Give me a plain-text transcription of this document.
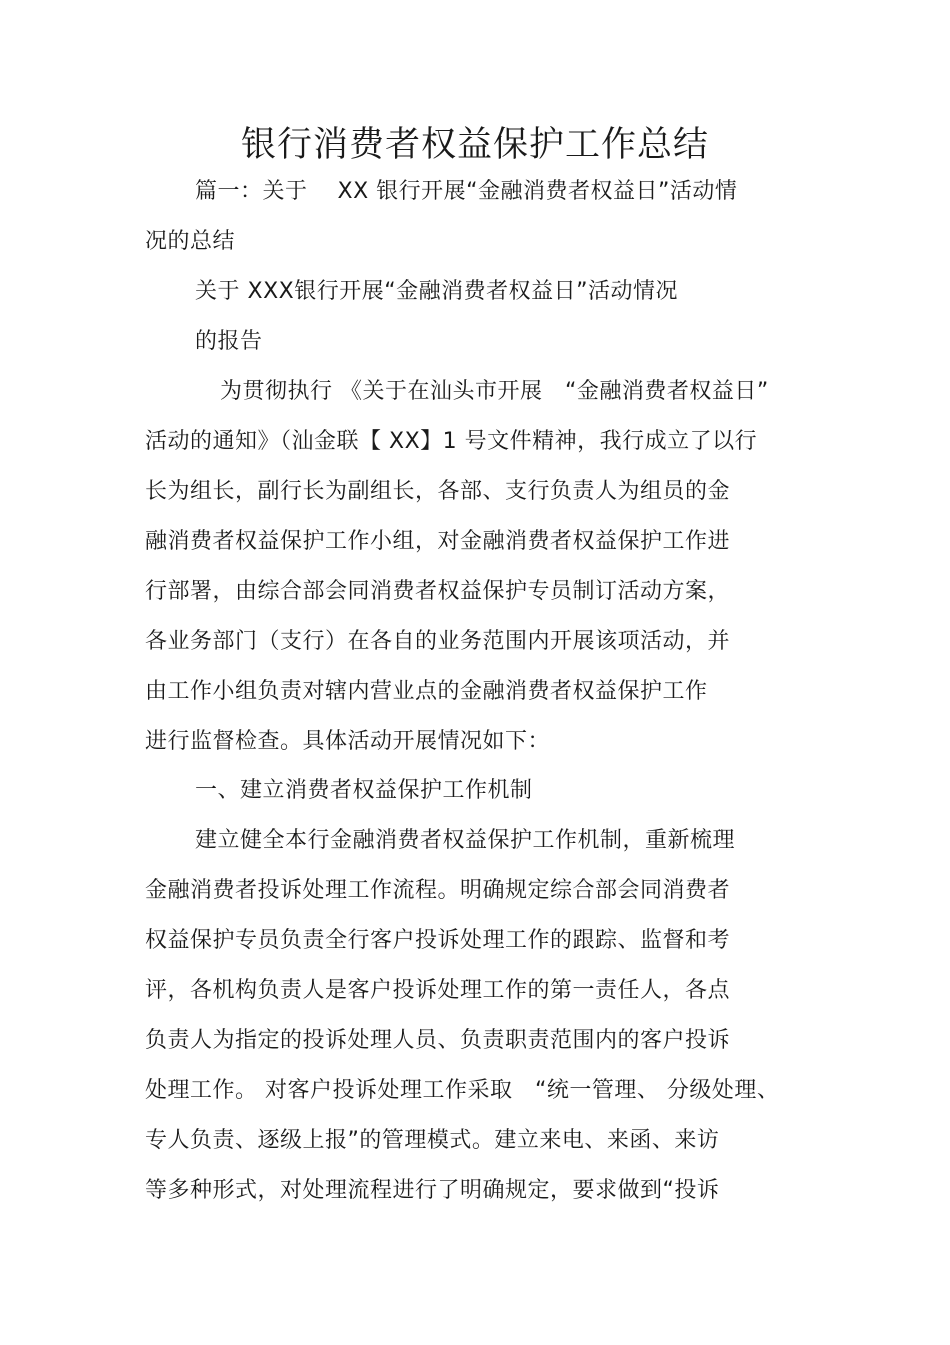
银行消费者权益保护工作总结
篇一：关于　 XX 银行开展“金融消费者权益日”活动情
况的总结
关于 XXX银行开展“金融消费者权益日”活动情况
的报告
为贯彻执行 《关于在汕头市开展　“金融消费者权益日”
活动的通知》（汕金联【 XX】1 号文件精神，我行成立了以行
长为组长，副行长为副组长，各部、支行负责人为组员的金
融消费者权益保护工作小组，对金融消费者权益保护工作进
行部署，由综合部会同消费者权益保护专员制订活动方案，
各业务部门（支行）在各自的业务范围内开展该项活动，并
由工作小组负责对辖内营业点的金融消费者权益保护工作
进行监督检查。具体活动开展情况如下：
一、建立消费者权益保护工作机制
建立健全本行金融消费者权益保护工作机制，重新梳理
金融消费者投诉处理工作流程。明确规定综合部会同消费者
权益保护专员负责全行客户投诉处理工作的跟踪、监督和考
评，各机构负责人是客户投诉处理工作的第一责任人，各点
负责人为指定的投诉处理人员、负责职责范围内的客户投诉
处理工作。 对客户投诉处理工作采取　“统一管理、 分级处理、
专人负责、逐级上报”的管理模式。建立来电、来函、来访
等多种形式，对处理流程进行了明确规定，要求做到“投诉
